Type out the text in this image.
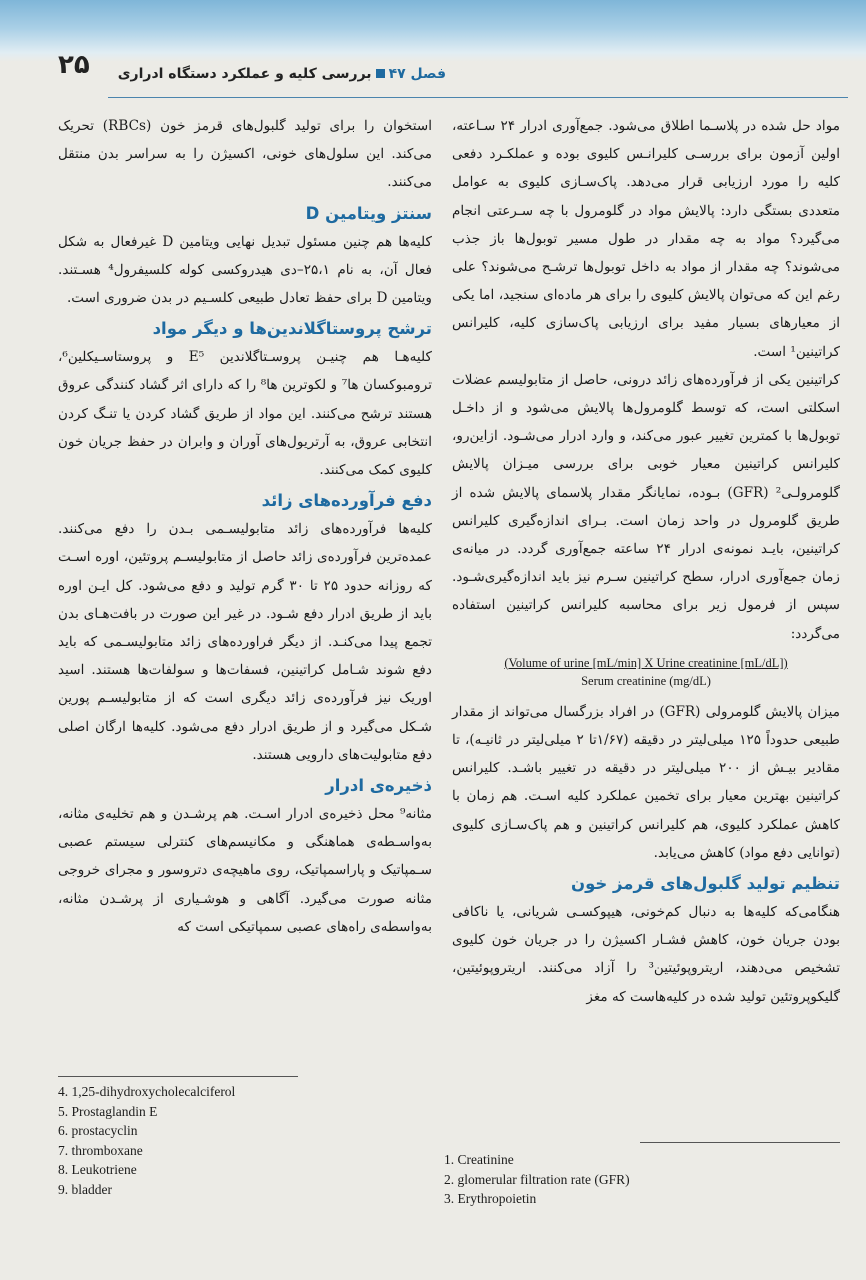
۲۵	فصل ۴۷بررسی کلیه و عملکرد دستگاه ادراری

مواد حل شده در پلاسـما اطلاق می‌شود. جمع‌آوری ادرار ۲۴ سـاعته، اولین آزمون برای بررسـی کلیرانـس کلیوی بوده و عملکـرد دفعی کلیه را مورد ارزیابی قرار می‌دهد. پاک‌سـازی کلیوی به عوامل متعددی بستگی دارد: پالایش مواد در گلومرول با چه سـرعتی انجام می‌گیرد؟ مواد به چه مقدار در طول مسیر توبول‌ها باز جذب می‌شوند؟ چه مقدار از مواد به داخل توبول‌ها ترشـح می‌شوند؟ علی رغم این که می‌توان پالایش کلیوی را برای هر ماده‌ای سنجید، اما یکی از معیارهای بسیار مفید برای ارزیابی پاک‌سازی کلیه، کلیرانس کراتینین¹ است.

کراتینین یکی از فرآورده‌های زائد درونی، حاصل از متابولیسم عضلات اسکلتی است، که توسط گلومرول‌ها پالایش می‌شود و از داخـل توبول‌ها با کمترین تغییر عبور می‌کند، و وارد ادرار می‌شـود. ازاین‌رو، کلیرانس کراتینین معیار خوبی برای بررسی میـزان پالایش گلومرولـی² (GFR) بـوده، نمایانگر مقدار پلاسمای پالایش شده از طریق گلومرول در واحد زمان است. بـرای اندازه‌گیری کلیرانس کراتینین، بایـد نمونه‌ی ادرار ۲۴ ساعته جمع‌آوری گردد. در میانه‌ی زمان جمع‌آوری ادرار، سطح کراتینین سـرم نیز باید اندازه‌گیری‌شـود. سپس از فرمول زیر برای محاسبه کلیرانس کراتینین استفاده می‌گردد:

(Volume of urine [mL/min] X Urine creatinine [mL/dL])
Serum creatinine (mg/dL)

میزان پالایش گلومرولی (GFR) در افراد بزرگسال می‌تواند از مقدار طبیعی حدوداً ۱۲۵ میلی‌لیتر در دقیقه (۱/۶۷تا ۲ میلی‌لیتر در ثانیـه)، تا مقادیر بیـش از ۲۰۰ میلی‌لیتر در دقیقه در تغییر باشـد. کلیرانس کراتینین بهترین معیار برای تخمین عملکرد کلیه اسـت. هم زمان با کاهش عملکرد کلیوی، هم کلیرانس کراتینین و هم پاک‌سـازی کلیوی (توانایی دفع مواد) کاهش می‌یابد.

تنظیم تولید گلبول‌های قرمز خون

هنگامی‌که کلیه‌ها به دنبال کم‌خونی، هیپوکسـی شریانی، یا ناکافی بودن جریان خون، کاهش فشـار اکسیژن را در جریان خون کلیوی تشخیص می‌دهند، اریتروپوئیتین³ را آزاد می‌کنند. اریتروپوئیتین، گلیکوپروتئین تولید شده در کلیه‌هاست که مغز

استخوان را برای تولید گلبول‌های قرمز خون (RBCs) تحریک می‌کند. این سلول‌های خونی، اکسیژن را به سراسر بدن منتقل می‌کنند.

سنتز ویتامین D

کلیه‌ها هم چنین مسئول تبدیل نهایی ویتامین D غیرفعال به شکل فعال آن، به نام ۲۵،۱–دی هیدروکسی کوله کلسیفرول⁴ هسـتند. ویتامین D برای حفظ تعادل طبیعی کلسـیم در بدن ضروری است.

ترشح پروستاگلاندین‌ها و دیگر مواد

کلیه‌هـا هم چنیـن پروسـتاگلاندین E⁵ و پروستاسـیکلین⁶، ترومبوکسان ها⁷ و لکوترین ها⁸ را که دارای اثر گشاد کنندگی عروق هستند ترشح می‌کنند. این مواد از طریق گشاد کردن یا تنـگ کردن انتخابی عروق، به آرتریول‌های آوران و وابران در حفظ جریان خون کلیوی کمک می‌کنند.

دفع فرآورده‌های زائد

کلیه‌ها فرآورده‌های زائد متابولیسـمی بـدن را دفع می‌کنند. عمده‌ترین فرآورده‌ی زائد حاصل از متابولیسـم پروتئین، اوره اسـت که روزانه حدود ۲۵ تا ۳۰ گرم تولید و دفع می‌شود. کل ایـن اوره باید از طریق ادرار دفع شـود. در غیر این صورت در بافت‌هـای بدن تجمع پیدا می‌کنـد. از دیگر فراورده‌های زائد متابولیسـمی که باید دفع شوند شـامل کراتینین، فسفات‌ها و سولفات‌ها هستند. اسید اوریک نیز فرآورده‌ی زائد دیگری است که از متابولیسـم پورین شـکل می‌گیرد و از طریق ادرار دفع می‌شود. کلیه‌ها ارگان اصلی دفع متابولیت‌های دارویی هستند.

ذخیره‌ی ادرار

مثانه⁹ محل ذخیره‌ی ادرار اسـت. هم پرشـدن و هم تخلیه‌ی مثانه، به‌واسـطه‌ی هماهنگی و مکانیسم‌های کنترلی سیستم عصبی سـمپاتیک و پاراسمپاتیک، روی ماهیچه‌ی دتروسور و مجرای خروجی مثانه صورت می‌گیرد. آگاهی و هوشـیاری از پرشـدن مثانه، به‌واسطه‌ی راه‌های عصبی سمپاتیکی است که

1. Creatinine
2. glomerular filtration rate (GFR)
3. Erythropoietin
4. 1,25-dihydroxycholecalciferol
5. Prostaglandin E
6. prostacyclin
7. thromboxane
8. Leukotriene
9. bladder
